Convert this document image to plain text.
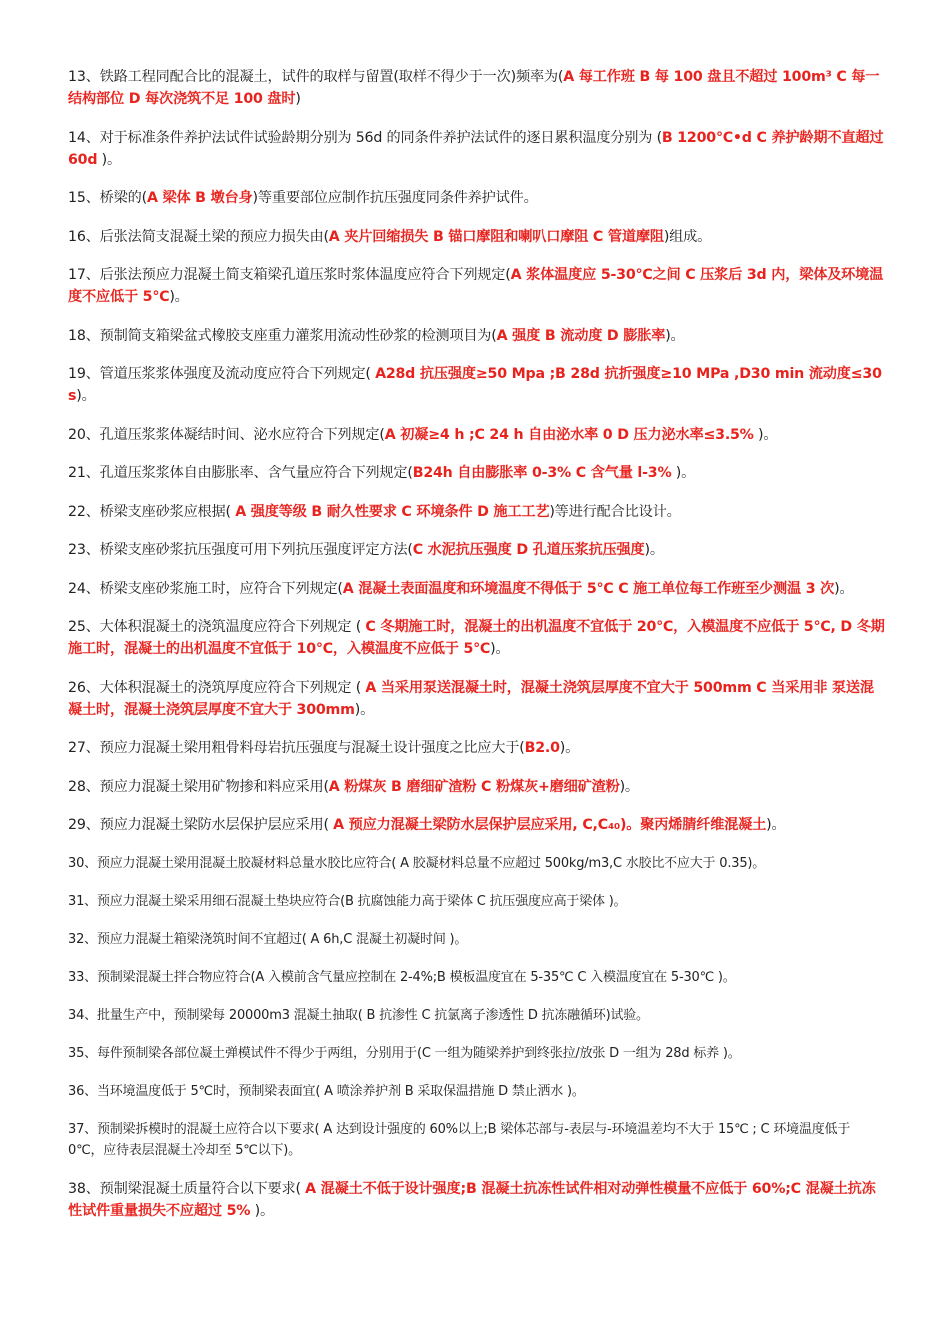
13、铁路工程同配合比的混凝土，试件的取样与留置(取样不得少于一次)频率为(A 每工作班 B 每 100 盘且不超过 100m³ C 每一结构部位 D 每次浇筑不足 100 盘时)

14、对于标准条件养护法试件试验龄期分别为 56d 的同条件养护法试件的逐日累积温度分别为 (B 1200℃•d C 养护龄期不直超过 60d )。

15、桥梁的(A 梁体 B 墩台身)等重要部位应制作抗压强度同条件养护试件。

16、后张法简支混凝土梁的预应力损失由(A 夹片回缩损失 B 锚口摩阻和喇叭口摩阻 C 管道摩阻)组成。

17、后张法预应力混凝土简支箱梁孔道压浆时浆体温度应符合下列规定(A 浆体温度应 5-30℃之间 C 压浆后 3d 内，梁体及环境温度不应低于 5℃)。

18、预制简支箱梁盆式橡胶支座重力灌浆用流动性砂浆的检测项目为(A 强度 B 流动度 D 膨胀率)。

19、管道压浆浆体强度及流动度应符合下列规定( A28d 抗压强度≥50 Mpa ;B 28d 抗折强度≥10 MPa ,D30 min 流动度≤30 s)。

20、孔道压浆浆体凝结时间、泌水应符合下列规定(A 初凝≥4 h ;C 24 h 自由泌水率 0 D 压力泌水率≤3.5% )。

21、孔道压浆浆体自由膨胀率、含气量应符合下列规定(B24h 自由膨胀率 0-3% C 含气量 l-3% )。

22、桥梁支座砂浆应根据( A 强度等级 B 耐久性要求 C 环境条件 D 施工工艺)等进行配合比设计。

23、桥梁支座砂浆抗压强度可用下列抗压强度评定方法(C 水泥抗压强度 D 孔道压浆抗压强度)。

24、桥梁支座砂浆施工时，应符合下列规定(A 混凝土表面温度和环境温度不得低于 5℃ C 施工单位每工作班至少测温 3 次)。

25、大体积混凝土的浇筑温度应符合下列规定 ( C 冬期施工时，混凝土的出机温度不宜低于 20℃，入模温度不应低于 5℃, D 冬期施工时，混凝土的出机温度不宜低于 10℃，入模温度不应低于 5℃)。

26、大体积混凝土的浇筑厚度应符合下列规定 ( A 当采用泵送混凝土时，混凝土浇筑层厚度不宜大于 500mm C 当采用非 泵送混凝土时，混凝土浇筑层厚度不宜大于 300mm)。

27、预应力混凝土梁用粗骨料母岩抗压强度与混凝土设计强度之比应大于(B2.0)。

28、预应力混凝土梁用矿物掺和料应采用(A 粉煤灰 B 磨细矿渣粉 C 粉煤灰+磨细矿渣粉)。

29、预应力混凝土梁防水层保护层应采用( A 预应力混凝土梁防水层保护层应采用, C,C₄₀)。聚丙烯腈纤维混凝土)。

30、预应力混凝土梁用混凝土胶凝材料总量水胶比应符合( A 胶凝材料总量不应超过 500kg/m3,C 水胶比不应大于 0.35)。

31、预应力混凝土梁采用细石混凝土垫块应符合(B 抗腐蚀能力高于梁体 C 抗压强度应高于梁体 )。

32、预应力混凝土箱梁浇筑时间不宜超过( A 6h,C 混凝土初凝时间 )。

33、预制梁混凝土拌合物应符合(A 入模前含气量应控制在 2-4%;B 模板温度宜在 5-35℃ C 入模温度宜在 5-30℃ )。

34、批量生产中，预制梁每 20000m3 混凝土抽取( B 抗渗性 C 抗氯离子渗透性 D 抗冻融循环)试验。

35、每件预制梁各部位凝土弹模试件不得少于两组，分别用于(C 一组为随梁养护到终张拉/放张 D 一组为 28d 标养 )。

36、当环境温度低于 5℃时，预制梁表面宜( A 喷涂养护剂 B 采取保温措施 D 禁止洒水 )。

37、预制梁拆模时的混凝土应符合以下要求( A 达到设计强度的 60%以上;B 梁体芯部与-表层与-环境温差均不大于 15℃ ; C 环境温度低于 0℃，应待表层混凝土冷却至 5℃以下)。

38、预制梁混凝土质量符合以下要求( A 混凝土不低于设计强度;B 混凝土抗冻性试件相对动弹性模量不应低于 60%;C 混凝土抗冻性试件重量损失不应超过 5% )。
